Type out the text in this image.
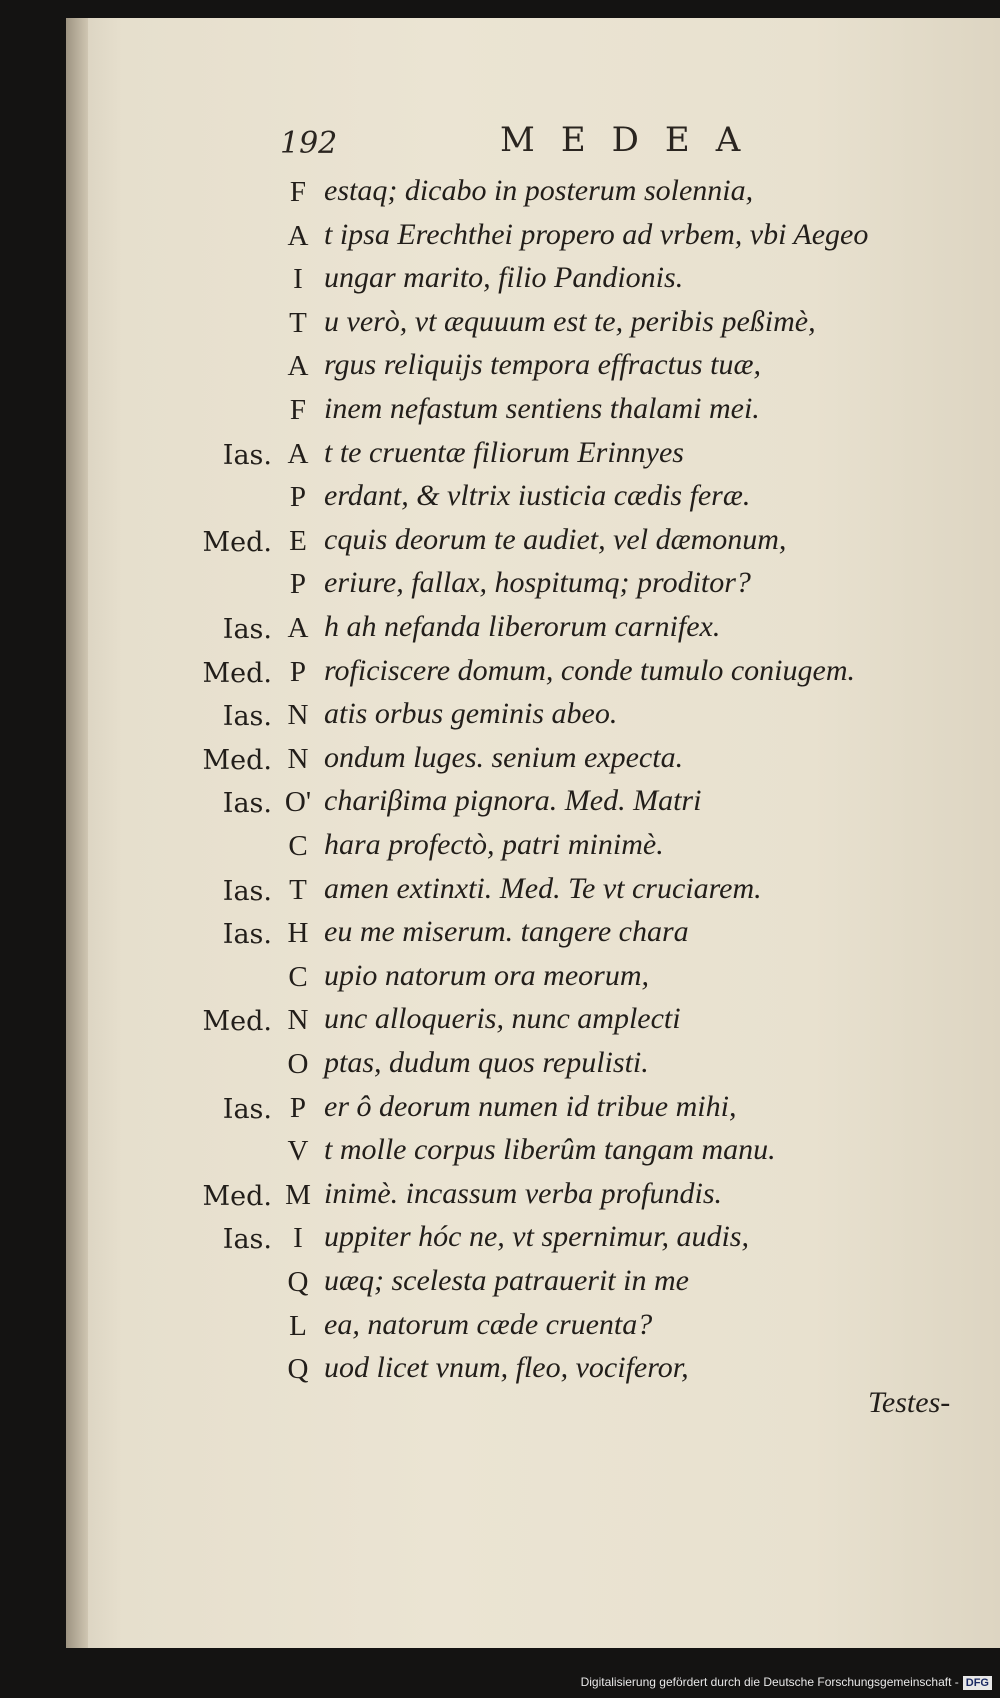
192	MEDEA
F estaq; dicabo in posterum solennia,
A t ipsa Erechthei propero ad vrbem, vbi Aegeo
I ungar marito, filio Pandionis.
T u verò, vt æquuum est te, peribis peßimè,
A rgus reliquijs tempora effractus tuæ,
F inem nefastum sentiens thalami mei.
Ias. A t te cruentæ filiorum Erinnyes
P erdant, & vltrix iusticia cædis feræ.
Med. E cquis deorum te audiet, vel dæmonum,
P eriure, fallax, hospitumq; proditor?
Ias. A h ah nefanda liberorum carnifex.
Med. P roficiscere domum, conde tumulo coniugem.
Ias. N atis orbus geminis abeo.
Med. N ondum luges. senium expecta.
Ias. O' chariβima pignora. Med. Matri
C hara profectò, patri minimè.
Ias. T amen extinxti. Med. Te vt cruciarem.
Ias. H eu me miserum. tangere chara
C upio natorum ora meorum,
Med. N unc alloqueris, nunc amplecti
O ptas, dudum quos repulisti.
Ias. P er ô deorum numen id tribue mihi,
V t molle corpus liberûm tangam manu.
Med. M inimè. incassum verba profundis.
Ias. I uppiter hóc ne, vt spernimur, audis,
Q uæq; scelesta patrauerit in me
L ea, natorum cæde cruenta?
Q uod licet vnum, fleo, vociferor,
Testes-
Digitalisierung gefördert durch die Deutsche Forschungsgemeinschaft - DFG
